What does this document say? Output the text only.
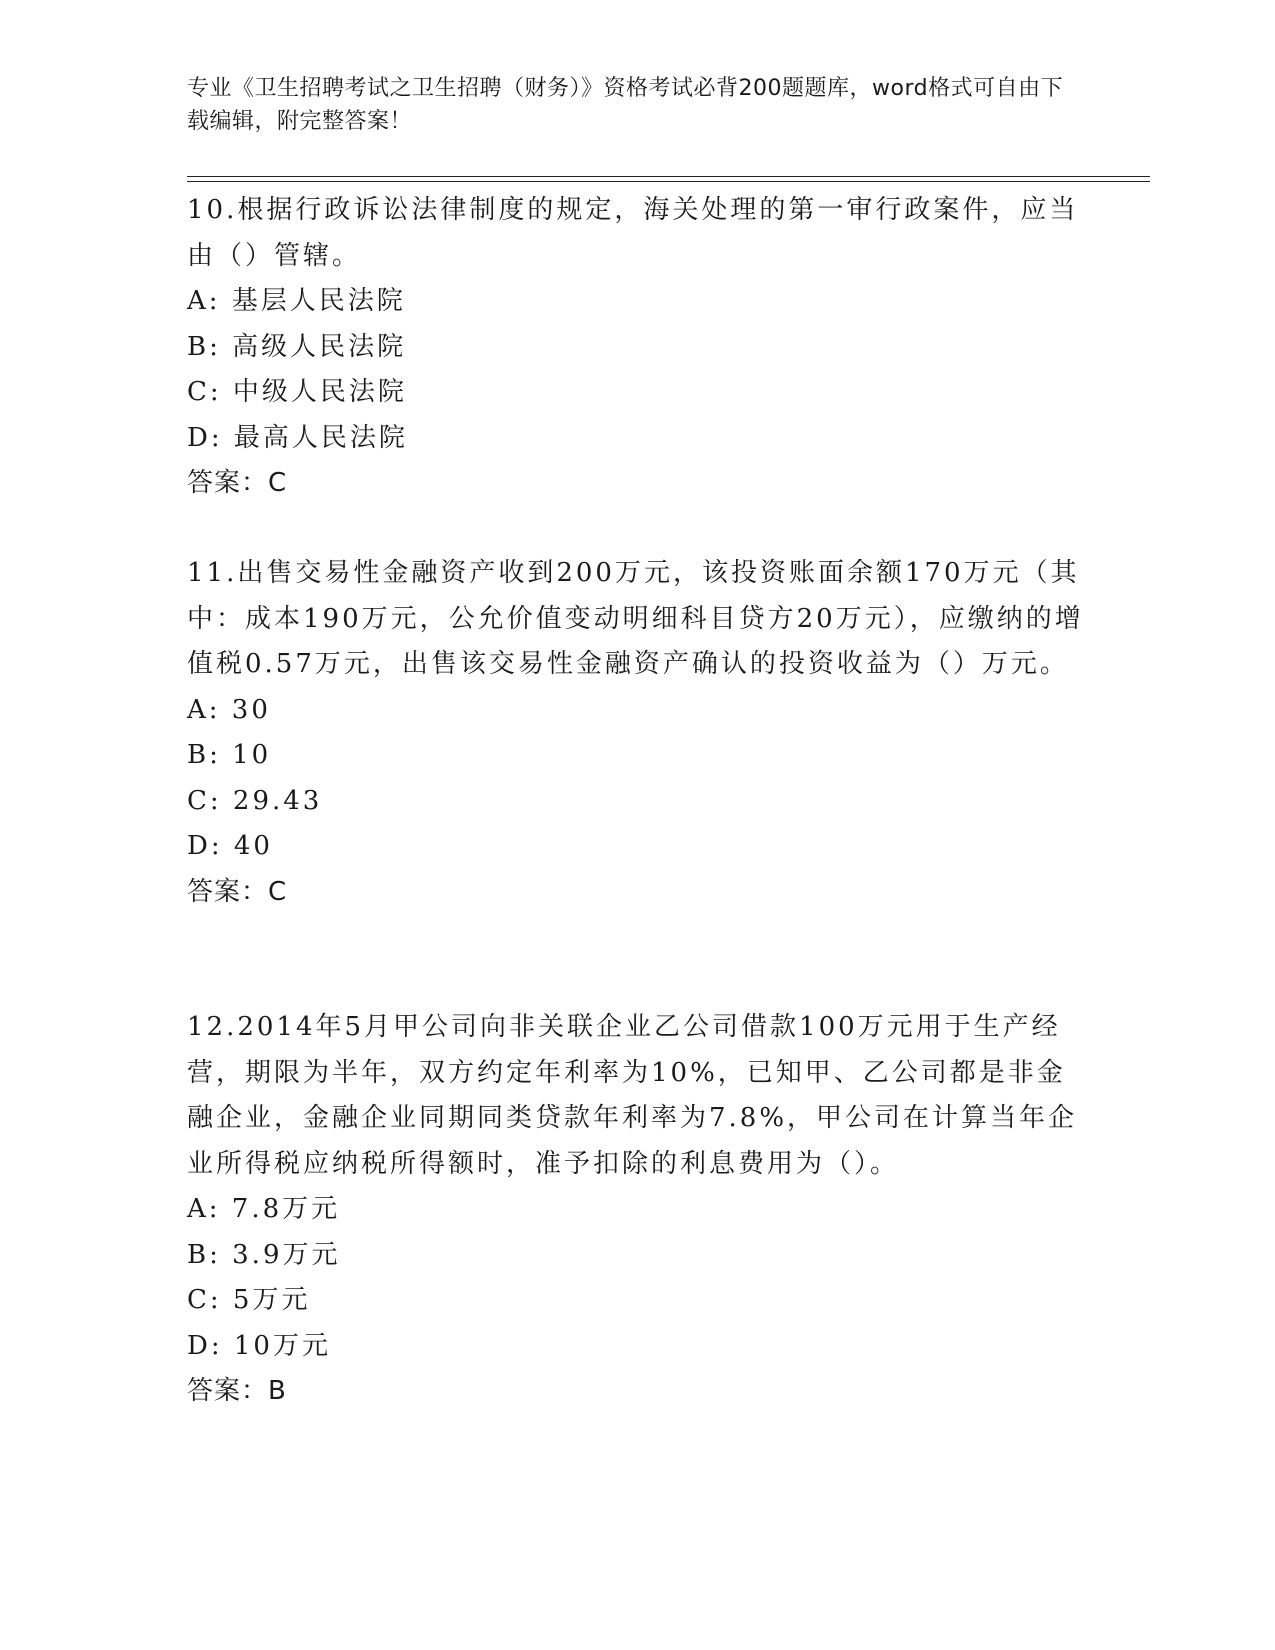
专业《卫生招聘考试之卫生招聘（财务）》资格考试必背200题题库，word格式可自由下载编辑，附完整答案！

10.根据行政诉讼法律制度的规定，海关处理的第一审行政案件，应当由（）管辖。

A: 基层人民法院

B: 高级人民法院

C: 中级人民法院

D: 最高人民法院

答案：C

11.出售交易性金融资产收到200万元，该投资账面余额170万元（其中：成本190万元，公允价值变动明细科目贷方20万元），应缴纳的增值税0.57万元，出售该交易性金融资产确认的投资收益为（）万元。

A: 30

B: 10

C: 29.43

D: 40

答案：C

12.2014年5月甲公司向非关联企业乙公司借款100万元用于生产经营，期限为半年，双方约定年利率为10%，已知甲、乙公司都是非金融企业，金融企业同期同类贷款年利率为7.8%，甲公司在计算当年企业所得税应纳税所得额时，准予扣除的利息费用为（）。

A: 7.8万元

B: 3.9万元

C: 5万元

D: 10万元

答案：B
